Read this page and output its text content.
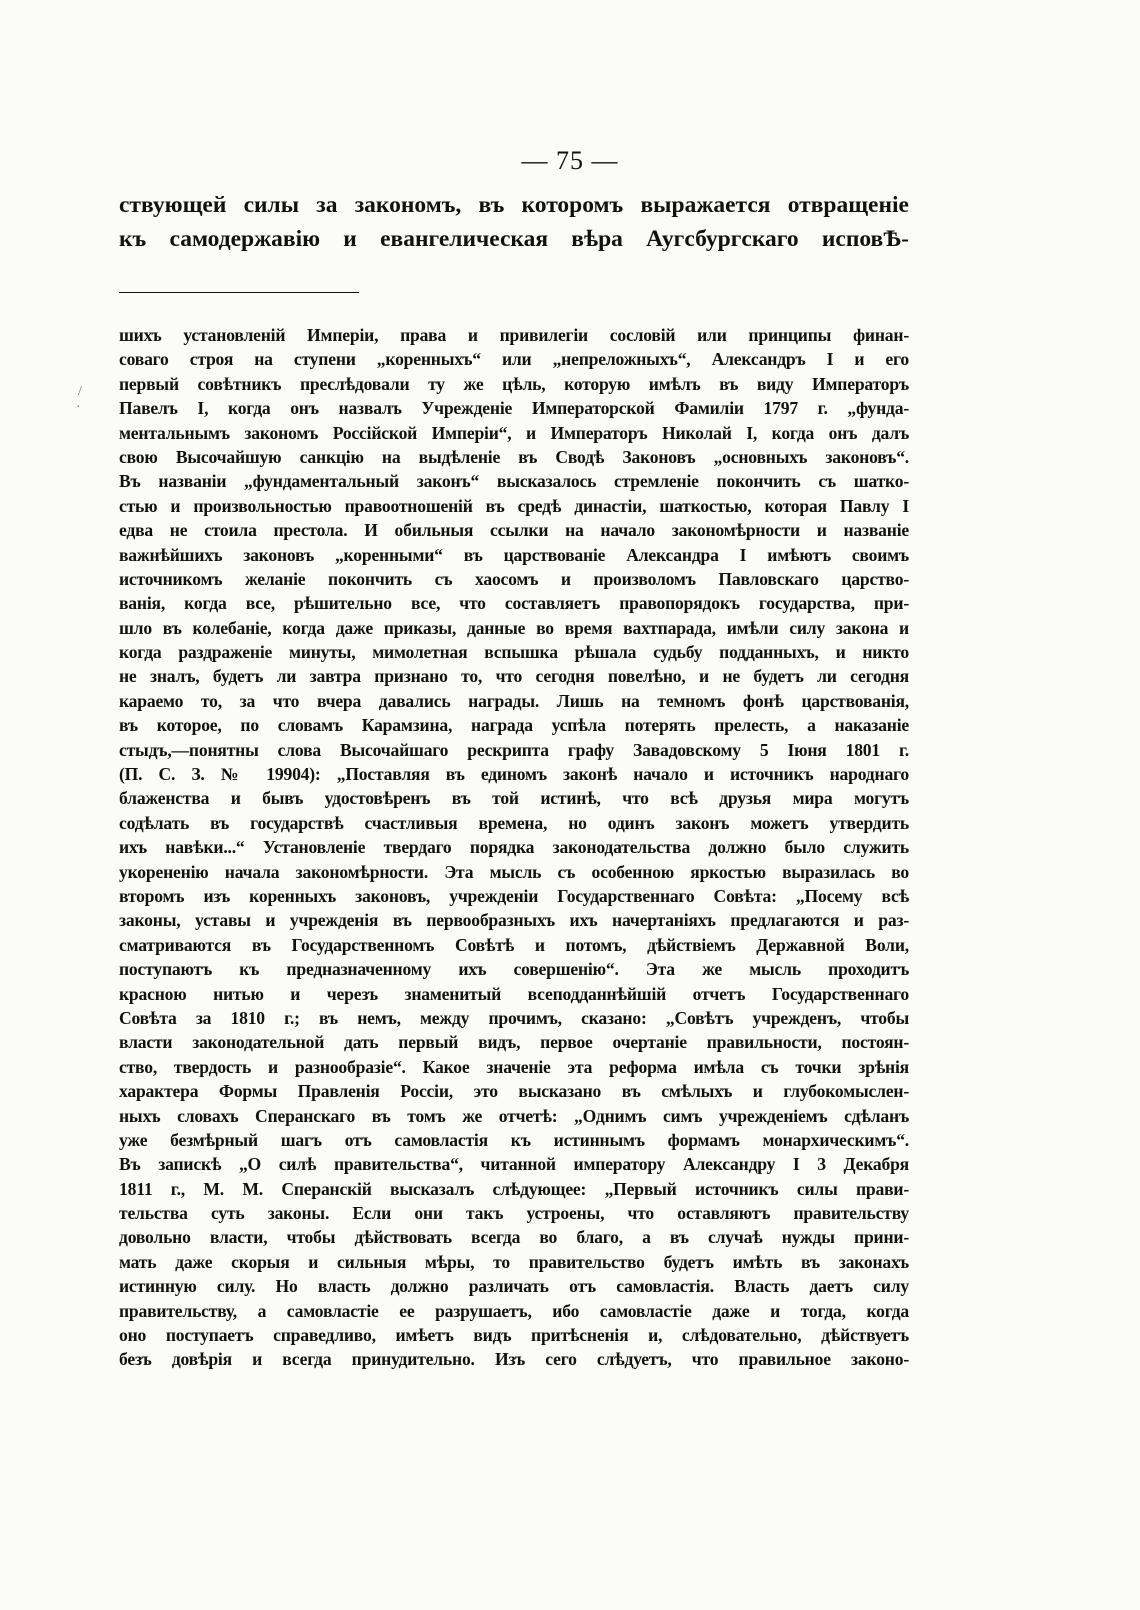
— 75 —
ствующей силы за закономъ, въ которомъ выражается отвращеніе
къ самодержавію и евангелическая вѣра Аугсбургскаго исповѢ-
шихъ установленій Имперіи, права и привилегіи сословій или принципы финан-
соваго строя на ступени „коренныхъ“ или „непреложныхъ“, Александръ I и его
первый совѣтникъ преслѣдовали ту же цѣль, которую имѣлъ въ виду Императоръ
Павелъ I, когда онъ назвалъ Учрежденіе Императорской Фамиліи 1797 г. „фунда-
ментальнымъ закономъ Россійской Имперіи“, и Императоръ Николай I, когда онъ далъ
свою Высочайшую санкцію на выдѣленіе въ Сводѣ Законовъ „основныхъ законовъ“.
Въ названіи „фундаментальный законъ“ высказалось стремленіе покончить съ шатко-
стью и произвольностью правоотношеній въ средѣ династіи, шаткостью, которая Павлу I
едва не стоила престола. И обильныя ссылки на начало закономѣрности и названіе
важнѣйшихъ законовъ „коренными“ въ царствованіе Александра I имѣютъ своимъ
источникомъ желаніе покончить съ хаосомъ и произволомъ Павловскаго царство-
ванія, когда все, рѣшительно все, что составляетъ правопорядокъ государства, при-
шло въ колебаніе, когда даже приказы, данные во время вахтпарада, имѣли силу закона и
когда раздраженіе минуты, мимолетная вспышка рѣшала судьбу подданныхъ, и никто
не зналъ, будетъ ли завтра признано то, что сегодня повелѣно, и не будетъ ли сегодня
караемо то, за что вчера давались награды. Лишь на темномъ фонѣ царствованія,
въ которое, по словамъ Карамзина, награда успѣла потерять прелесть, а наказаніе
стыдъ,—понятны слова Высочайшаго рескрипта графу Завадовскому 5 Іюня 1801 г.
(П. С. З. № 19904): „Поставляя въ единомъ законѣ начало и источникъ народнаго
блаженства и бывъ удостовѣренъ въ той истинѣ, что всѣ друзья мира могутъ
содѣлать въ государствѣ счастливыя времена, но одинъ законъ можетъ утвердить
ихъ навѣки...“ Установленіе твердаго порядка законодательства должно было служить
укорененію начала закономѣрности. Эта мысль съ особенною яркостью выразилась во
второмъ изъ коренныхъ законовъ, учрежденіи Государственнаго Совѣта: „Посему всѣ
законы, уставы и учрежденія въ первообразныхъ ихъ начертаніяхъ предлагаются и раз-
сматриваются въ Государственномъ Совѣтѣ и потомъ, дѣйствіемъ Державной Воли,
поступаютъ къ предназначенному ихъ совершенію“. Эта же мысль проходитъ
красною нитью и черезъ знаменитый всеподданнѣйшій отчетъ Государственнаго
Совѣта за 1810 г.; въ немъ, между прочимъ, сказано: „Совѣтъ учрежденъ, чтобы
власти законодательной дать первый видъ, первое очертаніе правильности, постоян-
ство, твердость и разнообразіе“. Какое значеніе эта реформа имѣла съ точки зрѣнія
характера Формы Правленія Россіи, это высказано въ смѣлыхъ и глубокомыслен-
ныхъ словахъ Сперанскаго въ томъ же отчетѣ: „Однимъ симъ учрежденіемъ сдѣланъ
уже безмѣрный шагъ отъ самовластія къ истиннымъ формамъ монархическимъ“.
Въ запискѣ „О силѣ правительства“, читанной императору Александру I 3 Декабря
1811 г., М. М. Сперанскій высказалъ слѣдующее: „Первый источникъ силы прави-
тельства суть законы. Если они такъ устроены, что оставляютъ правительству
довольно власти, чтобы дѣйствовать всегда во благо, а въ случаѣ нужды прини-
мать даже скорыя и сильныя мѣры, то правительство будетъ имѣть въ законахъ
истинную силу. Но власть должно различать отъ самовластія. Власть даетъ силу
правительству, а самовластіе ее разрушаетъ, ибо самовластіе даже и тогда, когда
оно поступаетъ справедливо, имѣетъ видъ притѣсненія и, слѣдовательно, дѣйствуетъ
безъ довѣрія и всегда принудительно. Изъ сего слѣдуетъ, что правильное законо-
/
·
